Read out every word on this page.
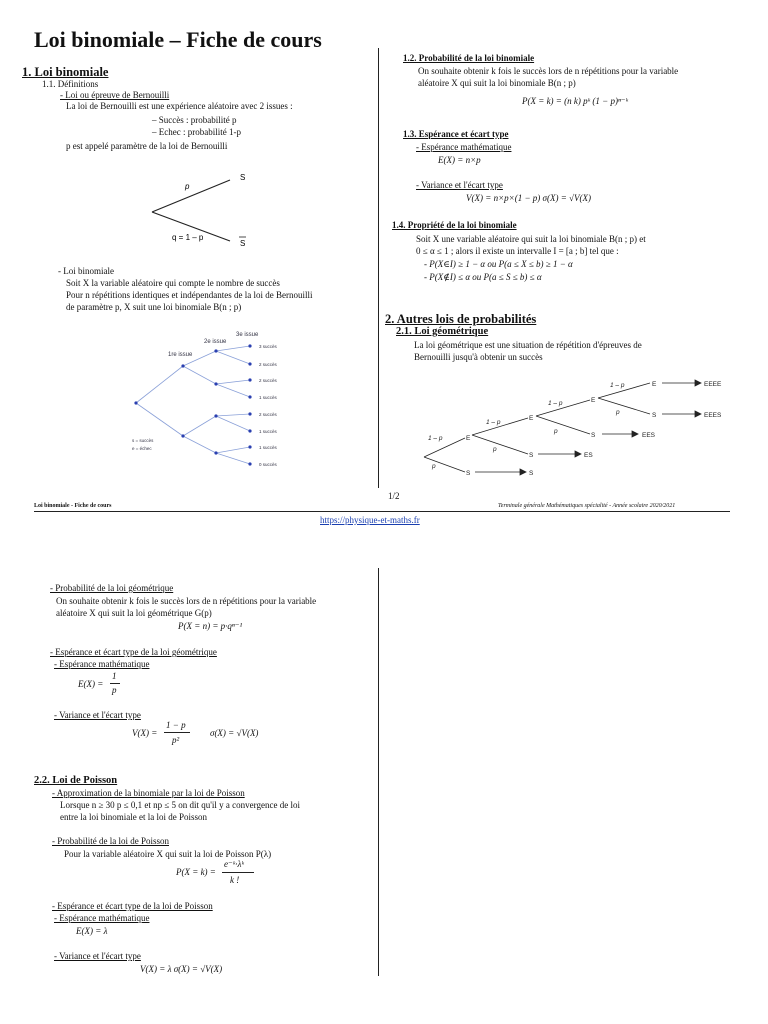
Loi binomiale – Fiche de cours
1. Loi binomiale
1.1. Définitions
- Loi ou épreuve de Bernouilli
La loi de Bernouilli est une expérience aléatoire avec 2 issues :
– Succès : probabilité p
– Echec : probabilité 1-p
p est appelé paramètre de la loi de Bernouilli
p
q = 1 – p
S
S
- Loi binomiale
Soit X la variable aléatoire qui compte le nombre de succès
Pour n répétitions identiques et indépendantes de la loi de Bernouilli
de paramètre p, X suit une loi binomiale B(n ; p)
1re issue
2e issue
3e issue
3 succès
2 succès
2 succès
1 succès
2 succès
1 succès
1 succès
0 succès
s = succès
e = échec
1.2. Probabilité de la loi binomiale
On souhaite obtenir k fois le succès lors de n répétitions pour la variable
aléatoire X qui suit la loi binomiale B(n ; p)
P(X = k) = (n k) pᵏ (1 − p)ⁿ⁻ᵏ
1.3. Espérance et écart type
- Espérance mathématique
E(X) = n×p
- Variance et l'écart type
V(X) = n×p×(1 − p) σ(X) = √V(X)
1.4. Propriété de la loi binomiale
Soit X une variable aléatoire qui suit la loi binomiale B(n ; p) et
0 ≤ α ≤ 1 ; alors il existe un intervalle I = [a ; b] tel que :
- P(X∈I) ≥ 1 − α ou P(a ≤ X ≤ b) ≥ 1 − α
- P(X∉I) ≤ α ou P(a ≤ S ≤ b) ≤ α
2. Autres lois de probabilités
2.1. Loi géométrique
La loi géométrique est une situation de répétition d'épreuves de
Bernouilli jusqu'à obtenir un succès
1 – p
p
1 – p
p
1 – p
p
1 – p
p
E
S
E
S
E
S
E
S
EEEE
EEES
EES
ES
S
1/2
Loi binomiale - Fiche de cours	Terminale générale Mathématiques spécialité - Année scolaire 2020/2021
https://physique-et-maths.fr
- Probabilité de la loi géométrique
On souhaite obtenir k fois le succès lors de n répétitions pour la variable
aléatoire X qui suit la loi géométrique G(p)
P(X = n) = p·qⁿ⁻¹
- Espérance et écart type de la loi géométrique
- Espérance mathématique
E(X) =
1
p
- Variance et l'écart type
V(X) =
1 − p
p²
σ(X) = √V(X)
2.2. Loi de Poisson
- Approximation de la binomiale par la loi de Poisson
Lorsque n ≥ 30 p ≤ 0,1 et np ≤ 5 on dit qu'il y a convergence de loi
entre la loi binomiale et la loi de Poisson
- Probabilité de la loi de Poisson
Pour la variable aléatoire X qui suit la loi de Poisson P(λ)
P(X = k) =
e⁻ᵏ·λᵏ
k !
- Espérance et écart type de la loi de Poisson
- Espérance mathématique
E(X) = λ
- Variance et l'écart type
V(X) = λ σ(X) = √V(X)
